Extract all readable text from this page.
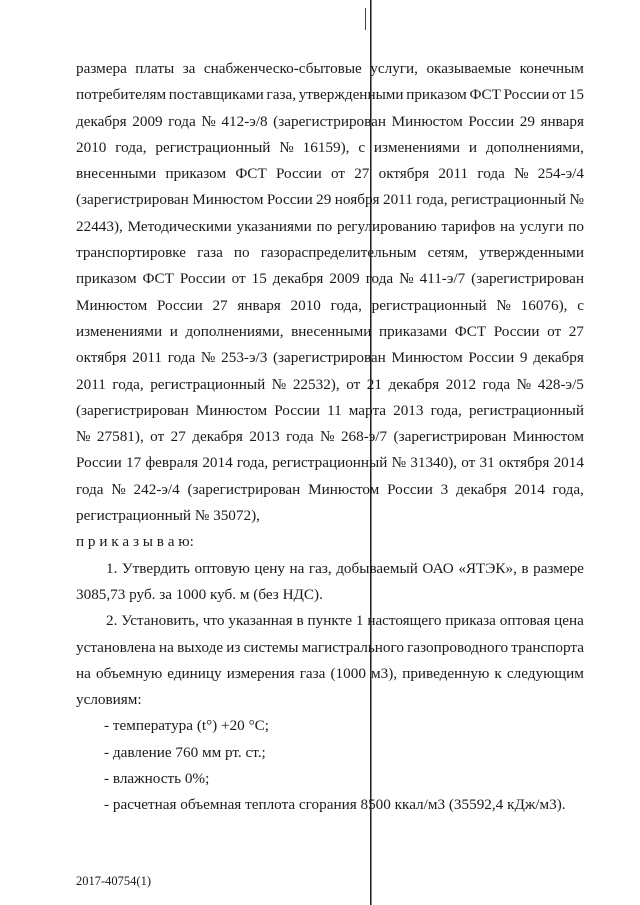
размера платы за снабженческо-сбытовые услуги, оказываемые конечным
потребителям поставщиками газа, утвержденными приказом ФСТ России от 15
декабря 2009 года № 412-э/8 (зарегистрирован Минюстом России 29 января
2010 года, регистрационный № 16159), с изменениями и дополнениями,
внесенными приказом ФСТ России от 27 октября 2011 года № 254-э/4
(зарегистрирован Минюстом России 29 ноября 2011 года, регистрационный №
22443), Методическими указаниями по регулированию тарифов на услуги по
транспортировке газа по газораспределительным сетям, утвержденными
приказом ФСТ России от 15 декабря 2009 года № 411-э/7 (зарегистрирован
Минюстом России 27 января 2010 года, регистрационный № 16076), с
изменениями и дополнениями, внесенными приказами ФСТ России от 27
октября 2011 года № 253-э/3 (зарегистрирован Минюстом России 9 декабря
2011 года, регистрационный № 22532), от 21 декабря 2012 года № 428-э/5
(зарегистрирован Минюстом России 11 марта 2013 года, регистрационный
№ 27581), от 27 декабря 2013 года № 268-э/7 (зарегистрирован Минюстом
России 17 февраля 2014 года, регистрационный № 31340), от 31 октября 2014
года № 242-э/4 (зарегистрирован Минюстом России 3 декабря 2014 года,
регистрационный № 35072),
п р и к а з ы в а ю:
1. Утвердить оптовую цену на газ, добываемый ОАО «ЯТЭК», в размере
3085,73 руб. за 1000 куб. м (без НДС).
2. Установить, что указанная в пункте 1 настоящего приказа оптовая цена
установлена на выходе из системы магистрального газопроводного транспорта
на объемную единицу измерения газа (1000 м3), приведенную к следующим
условиям:
- температура (t°) +20 °С;
- давление 760 мм рт. ст.;
- влажность 0%;
- расчетная объемная теплота сгорания 8500 ккал/м3 (35592,4 кДж/м3).
2017-40754(1)
